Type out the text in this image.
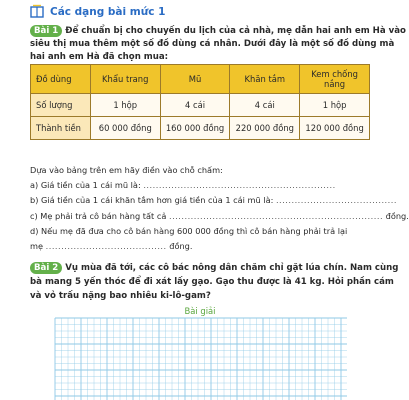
Các dạng bài mức 1
Bài 1 Để chuẩn bị cho chuyến du lịch của cả nhà, mẹ dẫn hai anh em Hà vào
siêu thị mua thêm một số đồ dùng cá nhân. Dưới đây là một số đồ dùng mà
hai anh em Hà đã chọn mua:
Đồ dùng	Khẩu trang	Mũ	Khăn tắm	Kem chống nắng
Số lượng	1 hộp	4 cái	4 cái	1 hộp
Thành tiền	60 000 đồng	160 000 đồng	220 000 đồng	120 000 đồng
Dựa vào bảng trên em hãy điền vào chỗ chấm:
a) Giá tiền của 1 cái mũ là: ..............................................................
b) Giá tiền của 1 cái khăn tắm hơn giá tiền của 1 cái mũ là: .......................................
c) Mẹ phải trả cô bán hàng tất cả ..................................................................... đồng.
d) Nếu mẹ đã đưa cho cô bán hàng 600 000 đồng thì cô bán hàng phải trả lại
mẹ ....................................... đồng.
Bài 2 Vụ mùa đã tới, các cô bác nông dân chăm chỉ gặt lúa chín. Nam cùng
bà mang 5 yến thóc để đi xát lấy gạo. Gạo thu được là 41 kg. Hỏi phần cám
và vỏ trấu nặng bao nhiêu ki-lô-gam?
Bài giải
